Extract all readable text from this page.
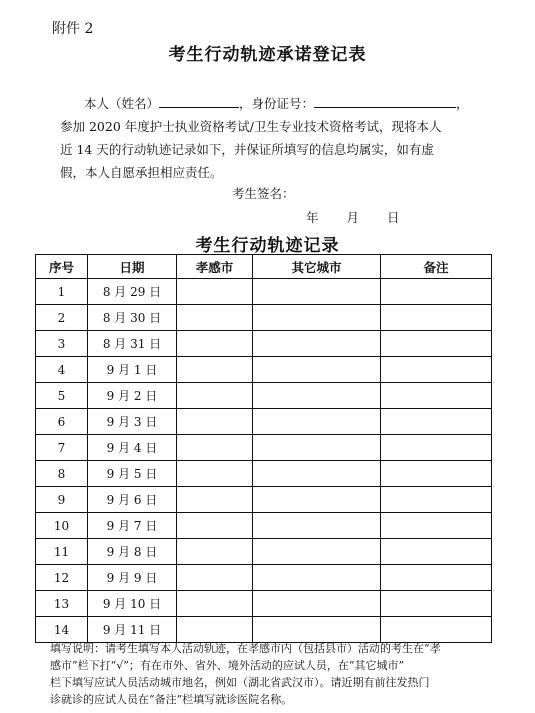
附件 2
考生行动轨迹承诺登记表
本人（姓名）	，身份证号：	，
参加 2020 年度护士执业资格考试/卫生专业技术资格考试，现将本人
近 14 天的行动轨迹记录如下，并保证所填写的信息均属实，如有虚
假，本人自愿承担相应责任。
考生签名：
年 月 日
考生行动轨迹记录
序号	日期	孝感市	其它城市	备注
1	8 月 29 日			
2	8 月 30 日			
3	8 月 31 日			
4	9 月 1 日			
5	9 月 2 日			
6	9 月 3 日			
7	9 月 4 日			
8	9 月 5 日			
9	9 月 6 日			
10	9 月 7 日			
11	9 月 8 日			
12	9 月 9 日			
13	9 月 10 日			
14	9 月 11 日			
填写说明：请考生填写本人活动轨迹，在孝感市内（包括县市）活动的考生在“孝
感市”栏下打“√”；有在市外、省外、境外活动的应试人员，在“其它城市”
栏下填写应试人员活动城市地名，例如（湖北省武汉市）。请近期有前往发热门
诊就诊的应试人员在“备注”栏填写就诊医院名称。
